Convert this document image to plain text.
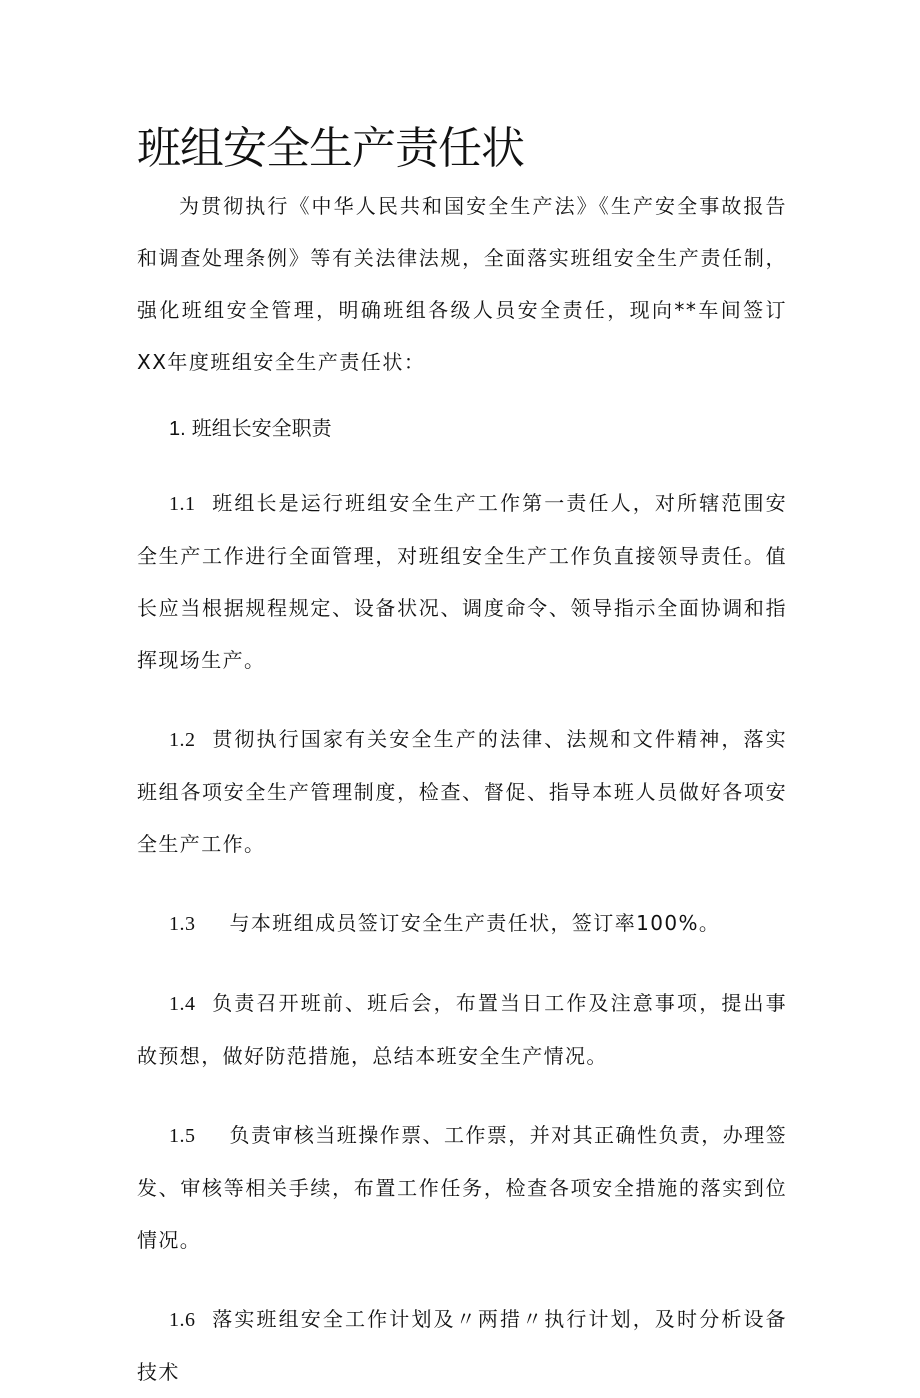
班组安全生产责任状

为贯彻执行《中华人民共和国安全生产法》《生产安全事故报告和调查处理条例》等有关法律法规，全面落实班组安全生产责任制，强化班组安全管理，明确班组各级人员安全责任，现向**车间签订XX年度班组安全生产责任状：

1. 班组长安全职责

1.1 班组长是运行班组安全生产工作第一责任人，对所辖范围安全生产工作进行全面管理，对班组安全生产工作负直接领导责任。值长应当根据规程规定、设备状况、调度命令、领导指示全面协调和指挥现场生产。

1.2 贯彻执行国家有关安全生产的法律、法规和文件精神，落实班组各项安全生产管理制度，检查、督促、指导本班人员做好各项安全生产工作。

1.3 与本班组成员签订安全生产责任状，签订率100%。

1.4 负责召开班前、班后会，布置当日工作及注意事项，提出事故预想，做好防范措施，总结本班安全生产情况。

1.5 负责审核当班操作票、工作票，并对其正确性负责，办理签发、审核等相关手续，布置工作任务，检查各项安全措施的落实到位情况。

1.6 落实班组安全工作计划及〃两措〃执行计划，及时分析设备技术
